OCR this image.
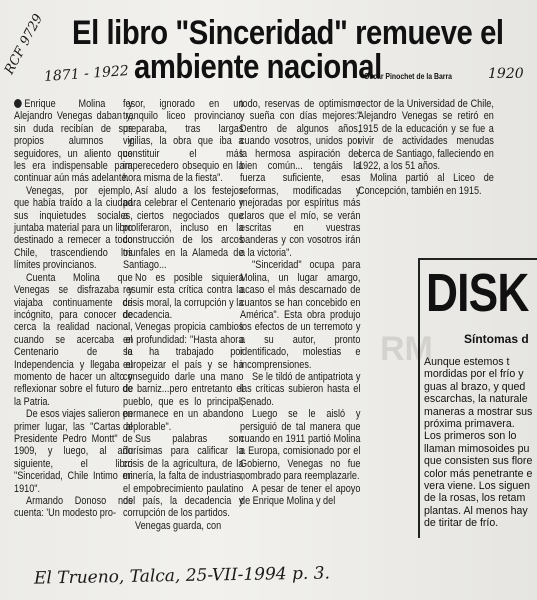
RM
RCF 9729
1871 - 1922	1920
El libro "Sinceridad" remueve el
ambiente nacional
Oscar Pinochet de la Barra

Enrique Molina y Alejandro Venegas daban y, sin duda recibían de sus propios alumnos y seguidores, un aliento que les era indispensable para continuar aún más adelante.

Venegas, por ejemplo, que había traído a la ciudad sus inquietudes sociales, juntaba material para un libro destinado a remecer a todo Chile, trascendiendo los límites provincianos.

Cuenta Molina que Venegas se disfrazaba y viajaba continuamente de incógnito, para conocer de cerca la realidad nacional, cuando se acercaba el Centenario de la Independencia y llegaba el momento de hacer un alto y reflexionar sobre el futuro de la Patria.

De esos viajes salieron en primer lugar, las "Cartas al Presidente Pedro Montt" de 1909, y luego, al año siguiente, el libro "Sinceridad, Chile Intimo en 1910".

Armando Donoso nos cuenta: 'Un modesto pro-

fesor, ignorado en un tranquilo liceo provinciano, preparaba, tras largas vigilias, la obra que iba a constituir el más imperecedero obsequio en la hora misma de la fiesta".

Así aludo a los festejos para celebrar el Centenario y a ciertos negociados que proliferaron, incluso en la construcción de los arcos triunfales en la Alameda de Santiago...

No es posible siquiera resumir esta crítica contra la crisis moral, la corrupción y la decadencia.

Venegas propicia cambios en profundidad: "Hasta ahora se ha trabajado por europeizar el país y se ha conseguido darle una mano de barniz...pero entretanto el pueblo, que es lo principal, permanece en un abandono deplorable".

Sus palabras son durísimas para calificar la crisis de la agricultura, de la minería, la falta de industrias, el empobrecimiento paulatino del país, la decadencia y corrupción de los partidos.

Venegas guarda, con

todo, reservas de optimismo y sueña con días mejores:" Dentro de algunos años, cuando vosotros, unidos por la hermosa aspiración del bien común... tengáis la fuerza suficiente, esas reformas, modificadas y mejoradas por espíritus más claros que el mío, se verán escritas en vuestras banderas y con vosotros irán a la victoria".

"Sinceridad" ocupa para Molina, un lugar amargo, acaso el más descarnado de cuantos se han concebido en América". Esta obra produjo los efectos de un terremoto y a su autor, pronto identificado, molestias e incomprensiones.

Se le tildó de antipatriota y las críticas subieron hasta el Senado.

Luego se le aisló y persiguió de tal manera que cuando en 1911 partió Molina a Europa, comisionado por el Gobierno, Venegas no fue nombrado para reemplazarle.

A pesar de tener el apoyo de Enrique Molina y del

rector de la Universidad de Chile, Alejandro Venegas se retiró en 1915 de la educación y se fue a vivir de actividades menudas cerca de Santiago, falleciendo en 1922, a los 51 años.

Molina partió al Liceo de Concepción, también en 1915.

DISK
Síntomas d
Aunque estemos t
mordidas por el frío y
guas al brazo, y qued
escarchas, la naturale
maneras a mostrar sus
próxima primavera.
Los primeros son lo
llaman mimosoides pu
que consisten sus flore
color más penetrante e
vera viene. Los siguen
de la rosas, los retam
plantas. Al menos hay
de tiritar de frío.
El Trueno, Talca, 25-VII-1994 p. 3.
